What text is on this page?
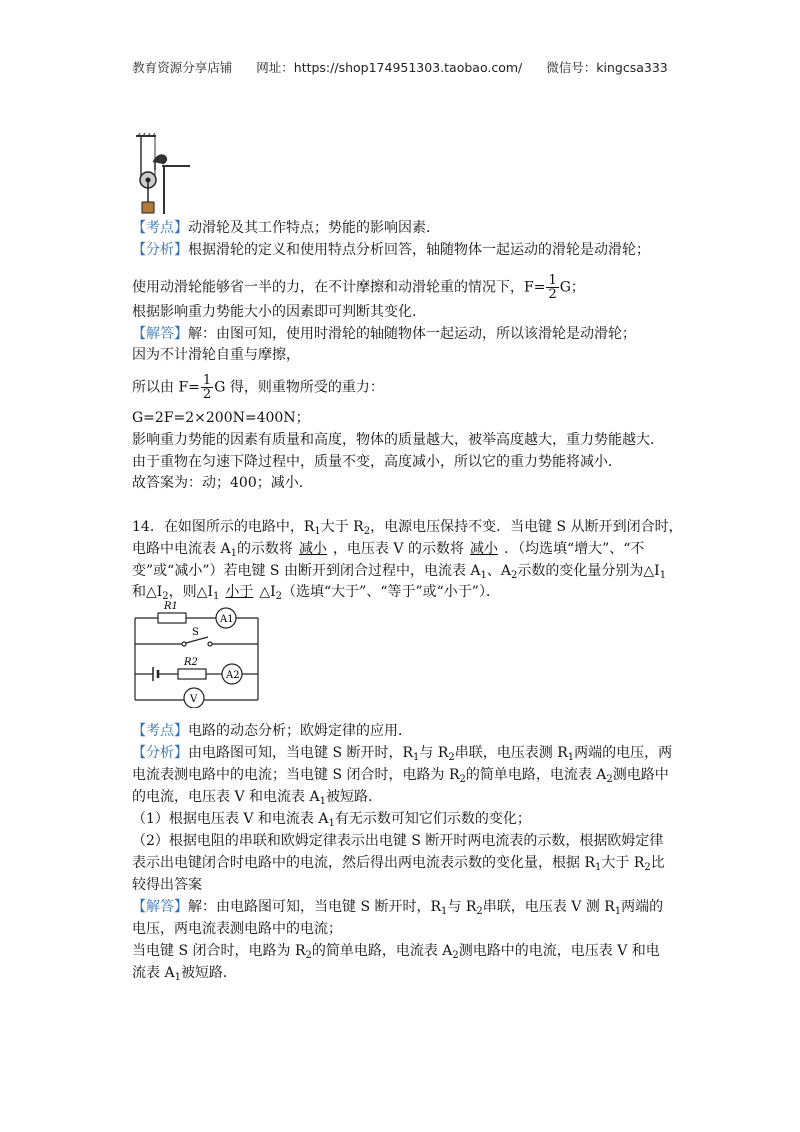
教育资源分享店铺 网址：https://shop174951303.taobao.com/ 微信号：kingcsa333
【考点】动滑轮及其工作特点；势能的影响因素．
【分析】根据滑轮的定义和使用特点分析回答，轴随物体一起运动的滑轮是动滑轮；
使用动滑轮能够省一半的力，在不计摩擦和动滑轮重的情况下，$F= \frac{1}{2}$ G；
根据影响重力势能大小的因素即可判断其变化．
【解答】解：由图可知，使用时滑轮的轴随物体一起运动，所以该滑轮是动滑轮；
因为不计滑轮自重与摩擦，
所以由 $F= \frac{1}{2}$ G 得，则重物所受的重力：
G=2F=2×200N=400N；
影响重力势能的因素有质量和高度，物体的质量越大，被举高度越大，重力势能越大．
由于重物在匀速下降过程中，质量不变，高度减小，所以它的重力势能将减小．
故答案为：动；400；减小．
14．在如图所示的电路中，$R_1$大于 $R_2$，电源电压保持不变．当电键 S 从断开到闭合时，
电路中电流表 $A_1$的示数将 减小 ，电压表 V 的示数将 减小 ．（均选填“增大”、“不
变”或“减小”）若电键 S 由断开到闭合过程中，电流表 $A_1$、$A_2$示数的变化量分别为$\triangle I_1$
和$\triangle I_2$，则$\triangle I_1$ 小于 $\triangle I_2$（选填“大于”、“等于”或“小于”）．
R1
A1
S
R2
A2
V
【考点】电路的动态分析；欧姆定律的应用．
【分析】由电路图可知，当电键 S 断开时，$R_1$与 $R_2$串联，电压表测 $R_1$两端的电压，两
电流表测电路中的电流；当电键 S 闭合时，电路为 $R_2$的简单电路，电流表 $A_2$测电路中
的电流，电压表 V 和电流表 $A_1$被短路．
（1）根据电压表 V 和电流表 $A_1$有无示数可知它们示数的变化；
（2）根据电阻的串联和欧姆定律表示出电键 S 断开时两电流表的示数，根据欧姆定律
表示出电键闭合时电路中的电流，然后得出两电流表示数的变化量，根据 $R_1$大于 $R_2$比
较得出答案
【解答】解：由电路图可知，当电键 S 断开时，$R_1$与 $R_2$串联，电压表 V 测 $R_1$两端的
电压，两电流表测电路中的电流；
当电键 S 闭合时，电路为 $R_2$的简单电路，电流表 $A_2$测电路中的电流，电压表 V 和电
流表 $A_1$被短路．
